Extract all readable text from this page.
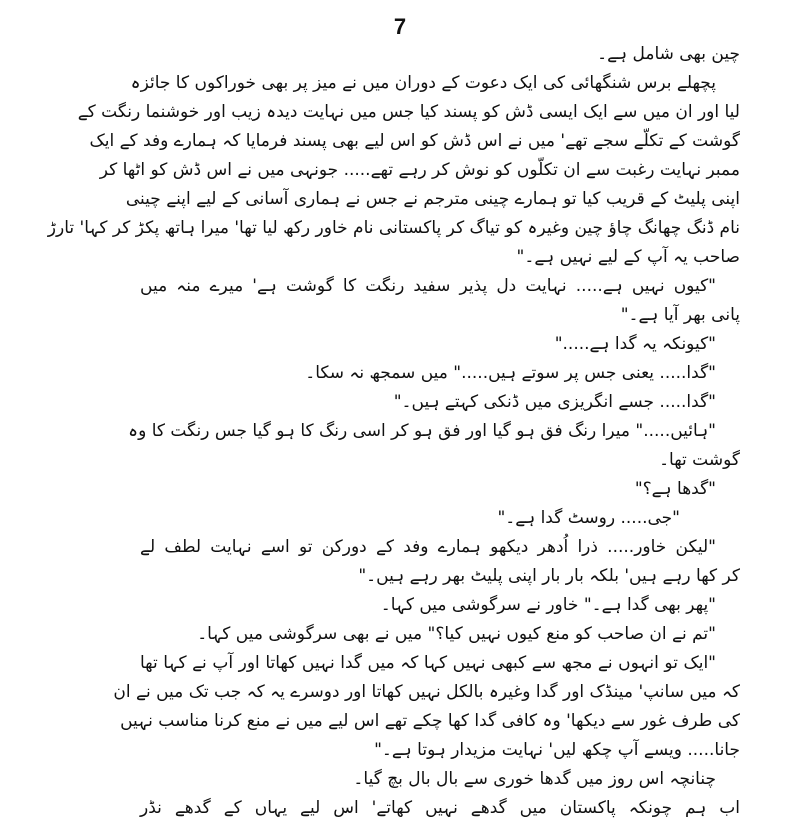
7
چین بھی شامل ہے۔
پچھلے برس شنگھائی کی ایک دعوت کے دوران میں نے میز پر بھی خوراکوں کا جائزہ
لیا اور ان میں سے ایک ایسی ڈش کو پسند کیا جس میں نہایت دیدہ زیب اور خوشنما رنگت کے
گوشت کے تکلّے سجے تھے' میں نے اس ڈش کو اس لیے بھی پسند فرمایا کہ ہمارے وفد کے ایک
ممبر نہایت رغبت سے ان تکلّوں کو نوش کر رہے تھے..... جونہی میں نے اس ڈش کو اٹھا کر
اپنی پلیٹ کے قریب کیا تو ہمارے چینی مترجم نے جس نے ہماری آسانی کے لیے اپنے چینی
نام ڈنگ چھانگ چاؤ چین وغیرہ کو تیاگ کر پاکستانی نام خاور رکھ لیا تھا' میرا ہاتھ پکڑ کر کہا' تارڑ
صاحب یہ آپ کے لیے نہیں ہے۔"
"کیوں نہیں ہے..... نہایت دل پذیر سفید رنگت کا گوشت ہے' میرے منہ میں
پانی بھر آیا ہے۔"
"کیونکہ یہ گدا ہے....."
"گدا..... یعنی جس پر سوتے ہیں....." میں سمجھ نہ سکا۔
"گدا..... جسے انگریزی میں ڈنکی کہتے ہیں۔"
"ہائیں....." میرا رنگ فق ہو گیا اور فق ہو کر اسی رنگ کا ہو گیا جس رنگت کا وہ
گوشت تھا۔
"گدھا ہے؟"
"جی..... روسٹ گدا ہے۔"
"لیکن خاور..... ذرا اُدھر دیکھو ہمارے وفد کے دورکن تو اسے نہایت لطف لے
کر کھا رہے ہیں' بلکہ بار بار اپنی پلیٹ بھر رہے ہیں۔"
"پھر بھی گدا ہے۔" خاور نے سرگوشی میں کہا۔
"تم نے ان صاحب کو منع کیوں نہیں کیا؟" میں نے بھی سرگوشی میں کہا۔
"ایک تو انہوں نے مجھ سے کبھی نہیں کہا کہ میں گدا نہیں کھاتا اور آپ نے کہا تھا
کہ میں سانپ' مینڈک اور گدا وغیرہ بالکل نہیں کھاتا اور دوسرے یہ کہ جب تک میں نے ان
کی طرف غور سے دیکھا' وہ کافی گدا کھا چکے تھے اس لیے میں نے منع کرنا مناسب نہیں
جانا..... ویسے آپ چکھ لیں' نہایت مزیدار ہوتا ہے۔"
چنانچہ اس روز میں گدھا خوری سے بال بال بچ گیا۔
اب ہم چونکہ پاکستان میں گدھے نہیں کھاتے' اس لیے یہاں کے گدھے نڈر
